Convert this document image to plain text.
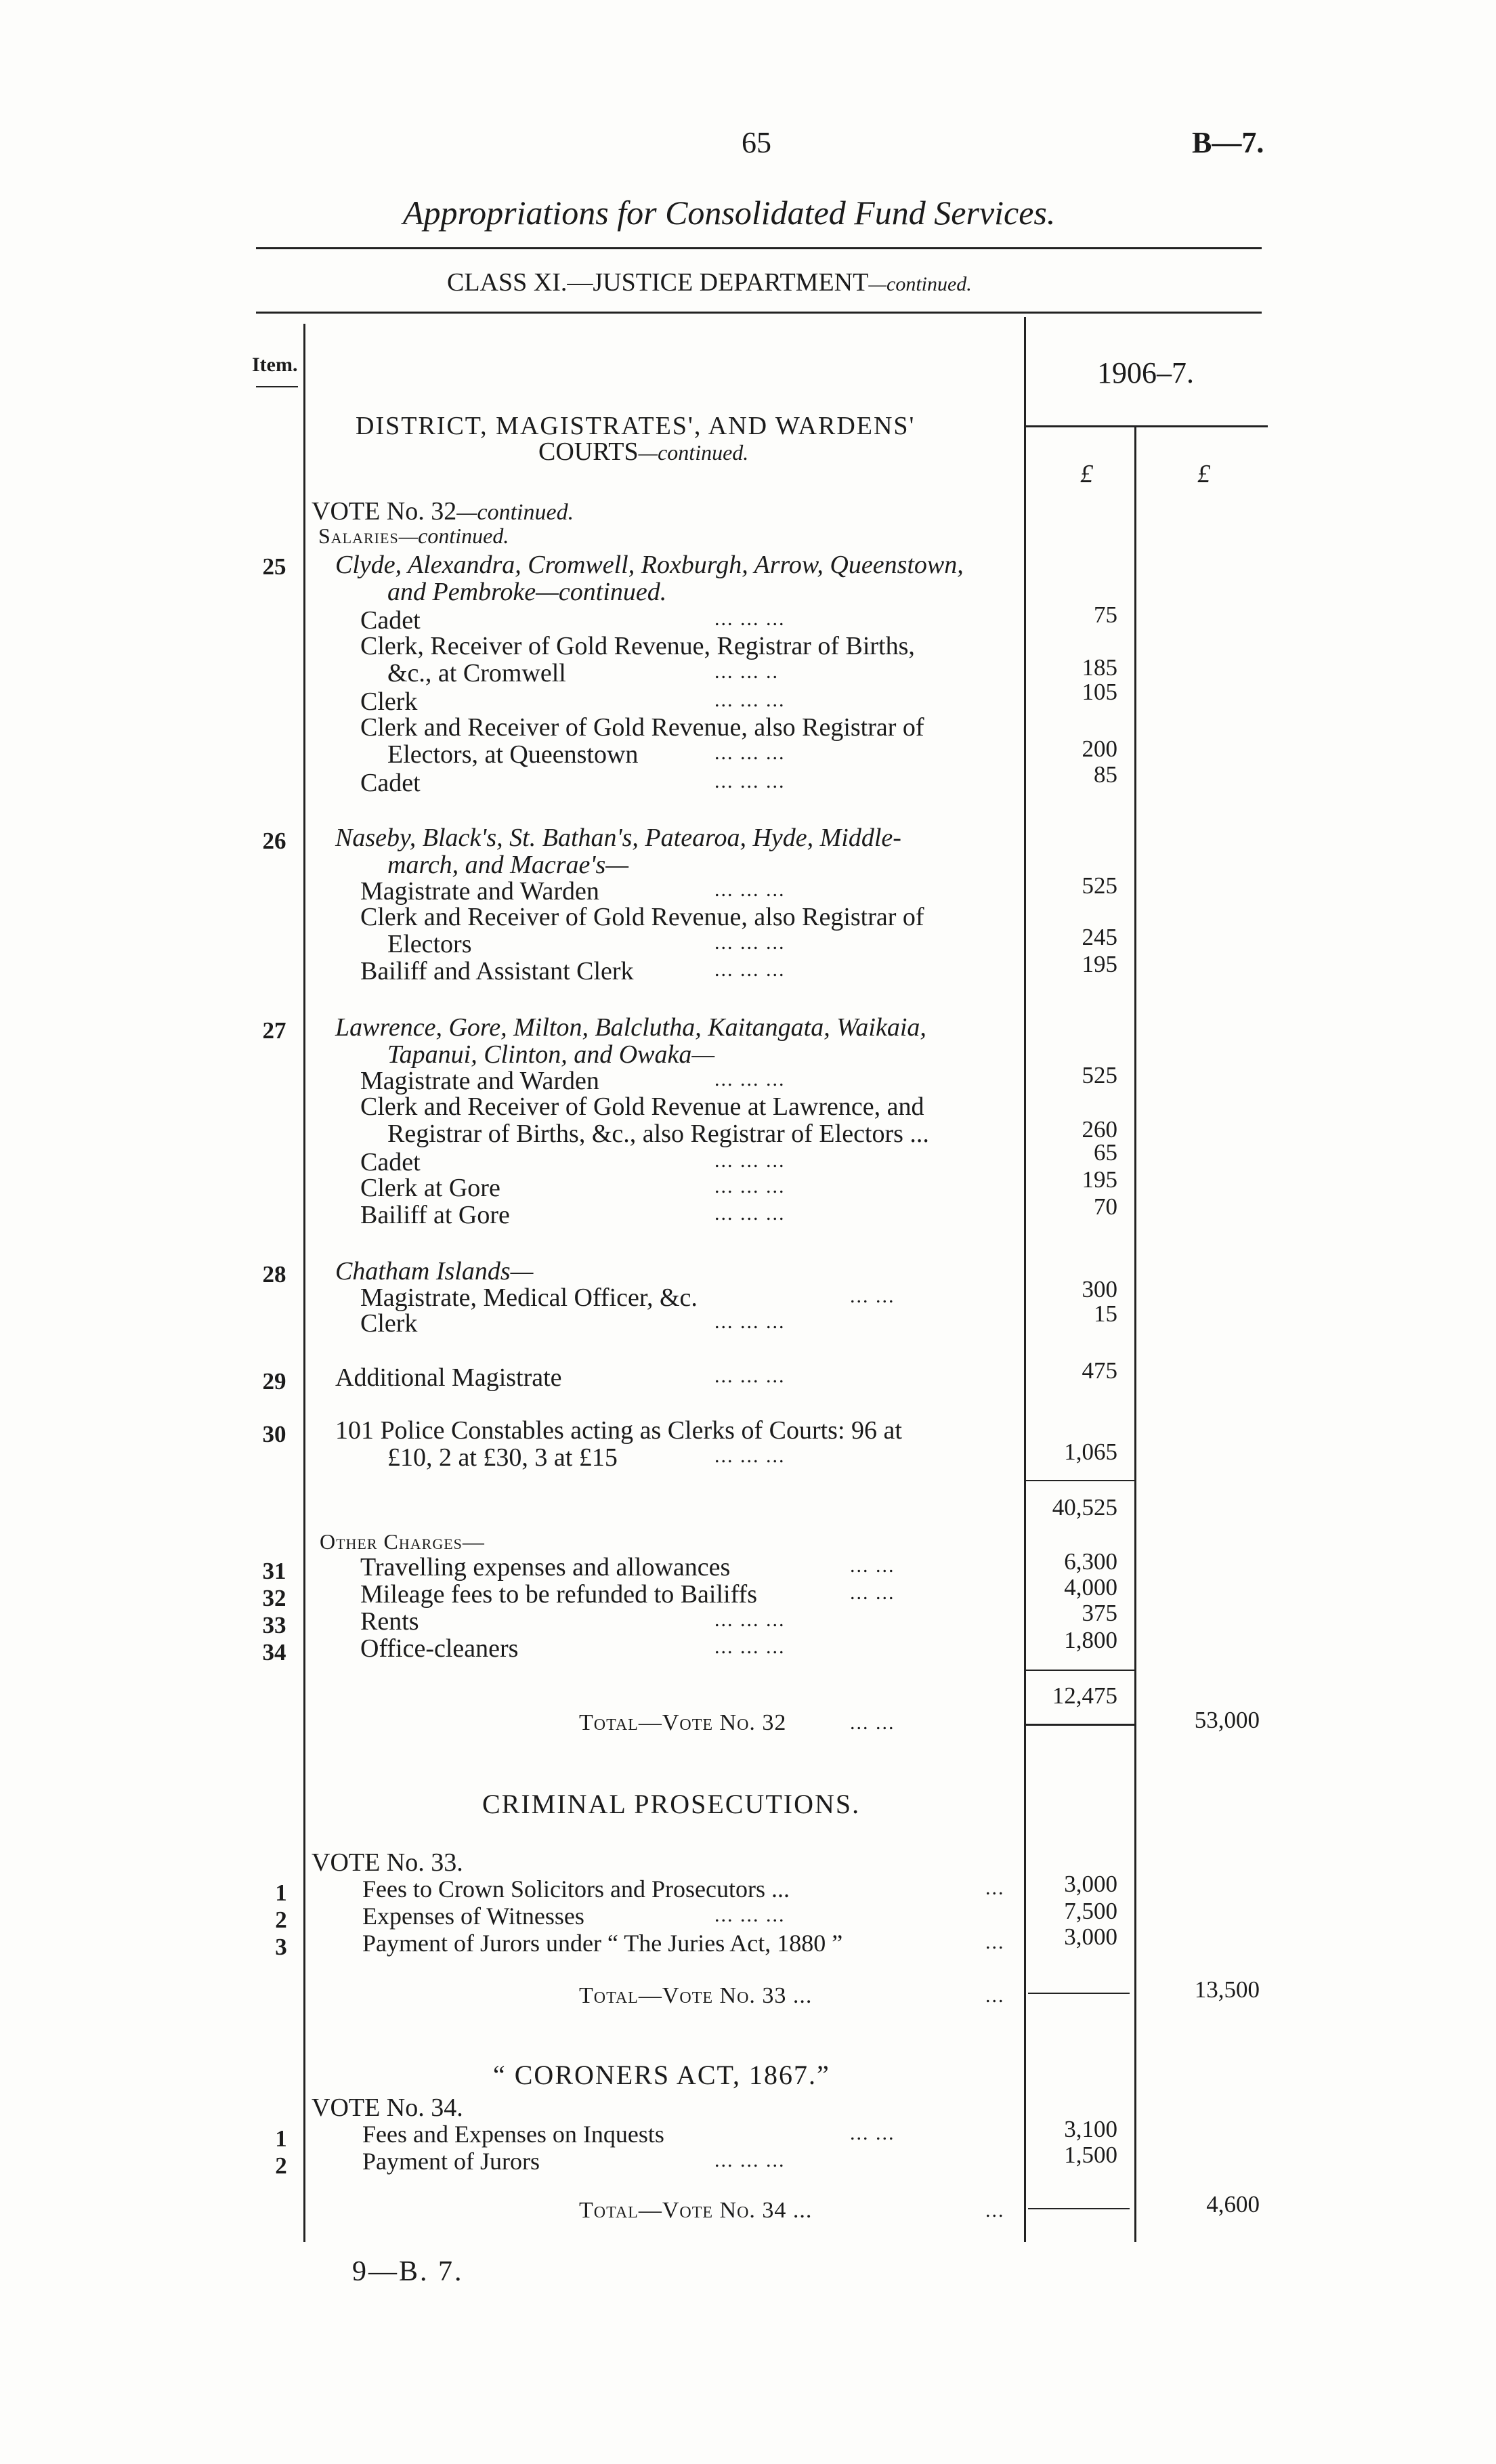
65	B—7.
Appropriations for Consolidated Fund Services.
CLASS XI.—JUSTICE DEPARTMENT—continued.
Item.	1906–7.
£	£
DISTRICT, MAGISTRATES', AND WARDENS'
COURTS—continued.
VOTE No. 32—continued.
Salaries—continued.
25	Clyde, Alexandra, Cromwell, Roxburgh, Arrow, Queenstown,
and Pembroke—continued.
Cadet	... ... ...	75
Clerk, Receiver of Gold Revenue, Registrar of Births,
&c., at Cromwell	... ... ..	185
Clerk	... ... ...	105
Clerk and Receiver of Gold Revenue, also Registrar of
Electors, at Queenstown	... ... ...	200
Cadet	... ... ...	85
26	Naseby, Black's, St. Bathan's, Patearoa, Hyde, Middle-
march, and Macrae's—
Magistrate and Warden	... ... ...	525
Clerk and Receiver of Gold Revenue, also Registrar of
Electors	... ... ...	245
Bailiff and Assistant Clerk	... ... ...	195
27	Lawrence, Gore, Milton, Balclutha, Kaitangata, Waikaia,
Tapanui, Clinton, and Owaka—
Magistrate and Warden	... ... ...	525
Clerk and Receiver of Gold Revenue at Lawrence, and
Registrar of Births, &c., also Registrar of Electors ...	260
Cadet	... ... ...	65
Clerk at Gore	... ... ...	195
Bailiff at Gore	... ... ...	70
28	Chatham Islands—
Magistrate, Medical Officer, &c.	... ...	300
Clerk	... ... ...	15
29	Additional Magistrate	... ... ...	475
30	101 Police Constables acting as Clerks of Courts: 96 at
£10, 2 at £30, 3 at £15	... ... ...	1,065
40,525
Other Charges—
31	Travelling expenses and allowances	... ...	6,300
32	Mileage fees to be refunded to Bailiffs	... ...	4,000
33	Rents	... ... ...	375
34	Office-cleaners	... ... ...	1,800
12,475
Total—Vote No. 32	... ...	53,000
CRIMINAL PROSECUTIONS.
VOTE No. 33.
1	Fees to Crown Solicitors and Prosecutors ...	...	3,000
2	Expenses of Witnesses	... ... ...	7,500
3	Payment of Jurors under “ The Juries Act, 1880 ”	...	3,000
Total—Vote No. 33 ...	...	13,500
“ CORONERS ACT, 1867.”
VOTE No. 34.
1	Fees and Expenses on Inquests	... ...	3,100
2	Payment of Jurors	... ... ...	1,500
Total—Vote No. 34 ...	...	4,600
9—B. 7.
